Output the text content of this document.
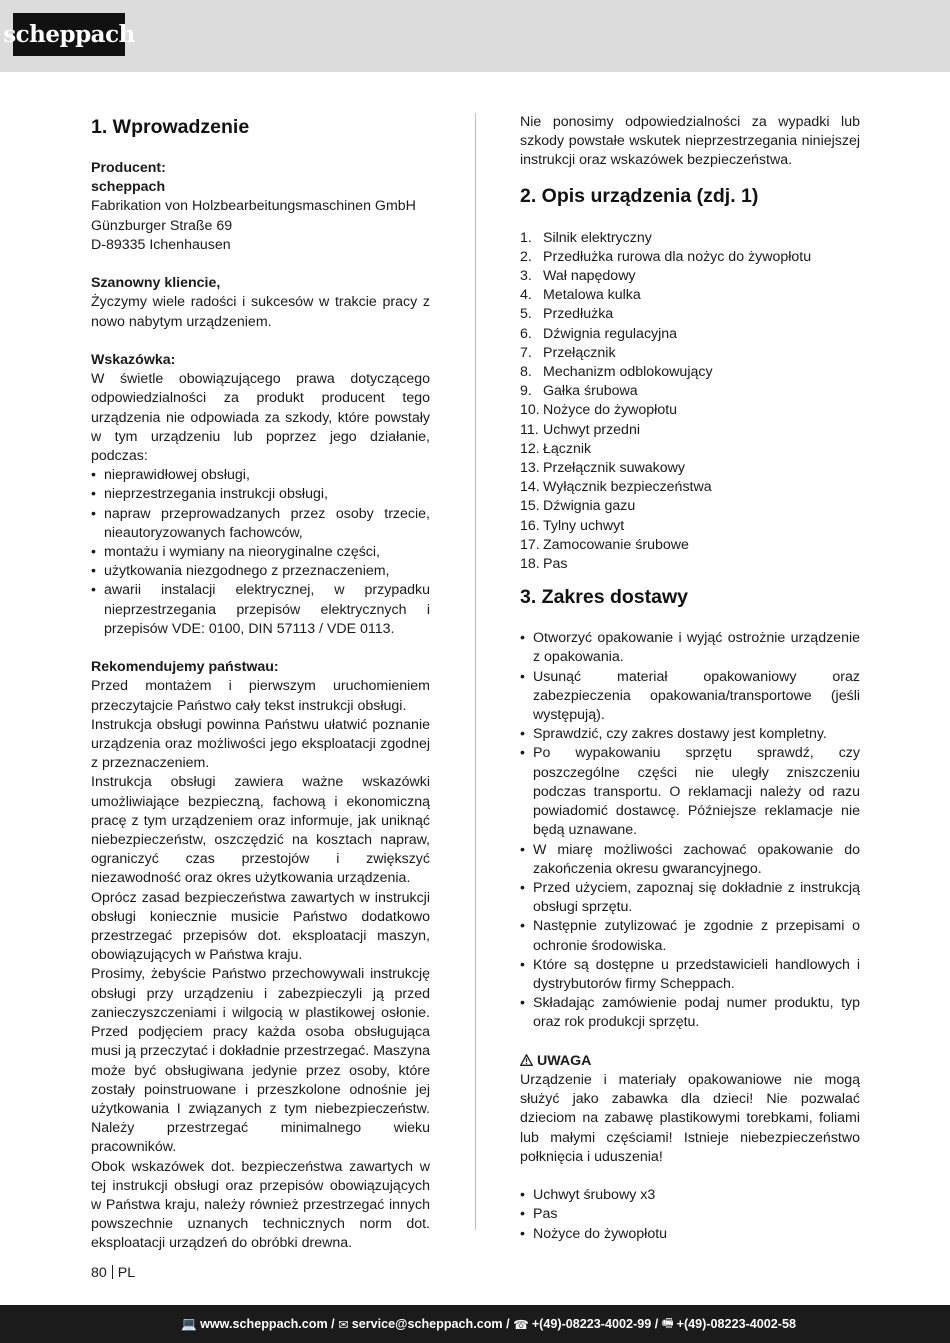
scheppach
1. Wprowadzenie
Producent:
scheppach
Fabrikation von Holzbearbeitungsmaschinen GmbH
Günzburger Straße 69
D-89335 Ichenhausen
Szanowny kliencie,
Życzymy wiele radości i sukcesów w trakcie pracy z nowo nabytym urządzeniem.
Wskazówka:
W świetle obowiązującego prawa dotyczącego odpowiedzialności za produkt producent tego urządzenia nie odpowiada za szkody, które powstały w tym urządzeniu lub poprzez jego działanie, podczas:
• nieprawidłowej obsługi,
• nieprzestrzegania instrukcji obsługi,
• napraw przeprowadzanych przez osoby trzecie, nieautoryzowanych fachowców,
• montażu i wymiany na nieoryginalne części,
• użytkowania niezgodnego z przeznaczeniem,
• awarii instalacji elektrycznej, w przypadku nieprzestrzegania przepisów elektrycznych i przepisów VDE: 0100, DIN 57113 / VDE 0113.
Rekomendujemy państwau:
Przed montażem i pierwszym uruchomieniem przeczytajcie Państwo cały tekst instrukcji obsługi.
Instrukcja obsługi powinna Państwu ułatwić poznanie urządzenia oraz możliwości jego eksploatacji zgodnej z przeznaczeniem.
Instrukcja obsługi zawiera ważne wskazówki umożliwiające bezpieczną, fachową i ekonomiczną pracę z tym urządzeniem oraz informuje, jak uniknąć niebezpieczeństw, oszczędzić na kosztach napraw, ograniczyć czas przestojów i zwiększyć niezawodność oraz okres użytkowania urządzenia.
Oprócz zasad bezpieczeństwa zawartych w instrukcji obsługi koniecznie musicie Państwo dodatkowo przestrzegać przepisów dot. eksploatacji maszyn, obowiązujących w Państwa kraju.
Prosimy, żebyście Państwo przechowywali instrukcję obsługi przy urządzeniu i zabezpieczyli ją przed zanieczyszczeniami i wilgocią w plastikowej osłonie. Przed podjęciem pracy każda osoba obsługująca musi ją przeczytać i dokładnie przestrzegać. Maszyna może być obsługiwana jedynie przez osoby, które zostały poinstruowane i przeszkolone odnośnie jej użytkowania I związanych z tym niebezpieczeństw. Należy przestrzegać minimalnego wieku pracowników.
Obok wskazówek dot. bezpieczeństwa zawartych w tej instrukcji obsługi oraz przepisów obowiązujących w Państwa kraju, należy również przestrzegać innych powszechnie uznanych technicznych norm dot. eksploatacji urządzeń do obróbki drewna.
Nie ponosimy odpowiedzialności za wypadki lub szkody powstałe wskutek nieprzestrzegania niniejszej instrukcji oraz wskazówek bezpieczeństwa.
2. Opis urządzenia (zdj. 1)
1. Silnik elektryczny
2. Przedłużka rurowa dla nożyc do żywopłotu
3. Wał napędowy
4. Metalowa kulka
5. Przedłużka
6. Dźwignia regulacyjna
7. Przełącznik
8. Mechanizm odblokowujący
9. Gałka śrubowa
10. Nożyce do żywopłotu
11. Uchwyt przedni
12. Łącznik
13. Przełącznik suwakowy
14. Wyłącznik bezpieczeństwa
15. Dźwignia gazu
16. Tylny uchwyt
17. Zamocowanie śrubowe
18. Pas
3. Zakres dostawy
• Otworzyć opakowanie i wyjąć ostrożnie urządzenie z opakowania.
• Usunąć materiał opakowaniowy oraz zabezpieczenia opakowania/transportowe (jeśli występują).
• Sprawdzić, czy zakres dostawy jest kompletny.
• Po wypakowaniu sprzętu sprawdź, czy poszczególne części nie uległy zniszczeniu podczas transportu. O reklamacji należy od razu powiadomić dostawcę. Późniejsze reklamacje nie będą uznawane.
• W miarę możliwości zachować opakowanie do zakończenia okresu gwarancyjnego.
• Przed użyciem, zapoznaj się dokładnie z instrukcją obsługi sprzętu.
• Następnie zutylizować je zgodnie z przepisami o ochronie środowiska.
• Które są dostępne u przedstawicieli handlowych i dystrybutorów firmy Scheppach.
• Składając zamówienie podaj numer produktu, typ oraz rok produkcji sprzętu.
UWAGA
Urządzenie i materiały opakowaniowe nie mogą służyć jako zabawka dla dzieci! Nie pozwalać dzieciom na zabawę plastikowymi torebkami, foliami lub małymi częściami! Istnieje niebezpieczeństwo połknięcia i uduszenia!
• Uchwyt śrubowy x3
• Pas
• Nożyce do żywopłotu
80 PL
💻 www.scheppach.com / ✉ service@scheppach.com / ☎ +(49)-08223-4002-99 / 🖷 +(49)-08223-4002-58
